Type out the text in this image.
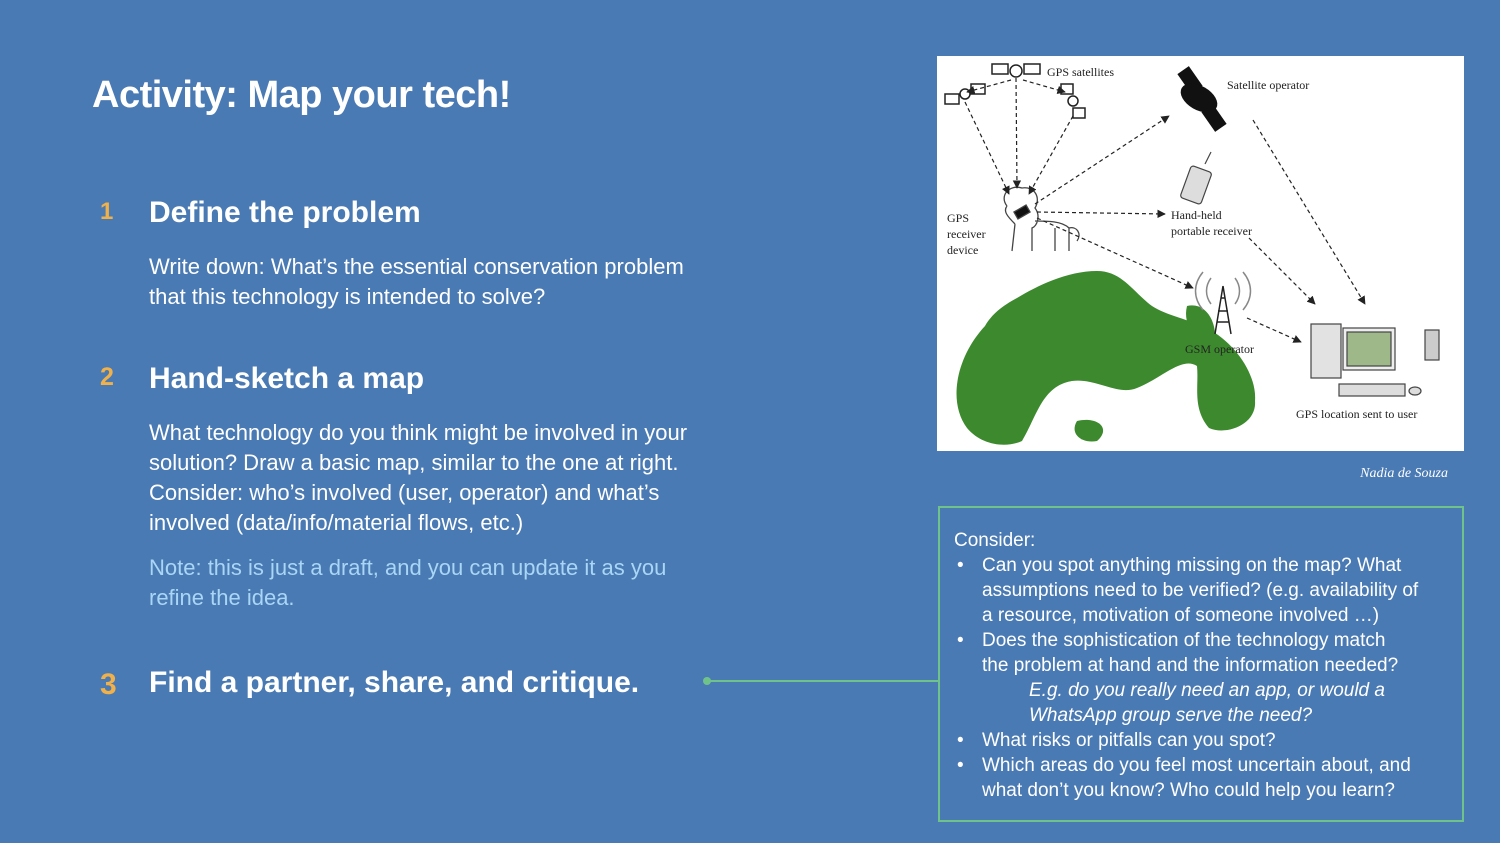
Activity: Map your tech!
1 Define the problem
Write down: What’s the essential conservation problem
that this technology is intended to solve?
2 Hand-sketch a map
What technology do you think might be involved in your
solution? Draw a basic map, similar to the one at right.
Consider: who’s involved (user, operator) and what’s
involved (data/info/material flows, etc.)
Note: this is just a draft, and you can update it as you
refine the idea.
3 Find a partner, share, and critique.
GPS satellites
Satellite operator
GPS
receiver
device
Hand-held
portable receiver
GSM operator
GPS location sent to user
Nadia de Souza
Consider:
• Can you spot anything missing on the map? What
assumptions need to be verified? (e.g. availability of
a resource, motivation of someone involved …)
• Does the sophistication of the technology match
the problem at hand and the information needed?
E.g. do you really need an app, or would a
WhatsApp group serve the need?
• What risks or pitfalls can you spot?
• Which areas do you feel most uncertain about, and
what don’t you know? Who could help you learn?
